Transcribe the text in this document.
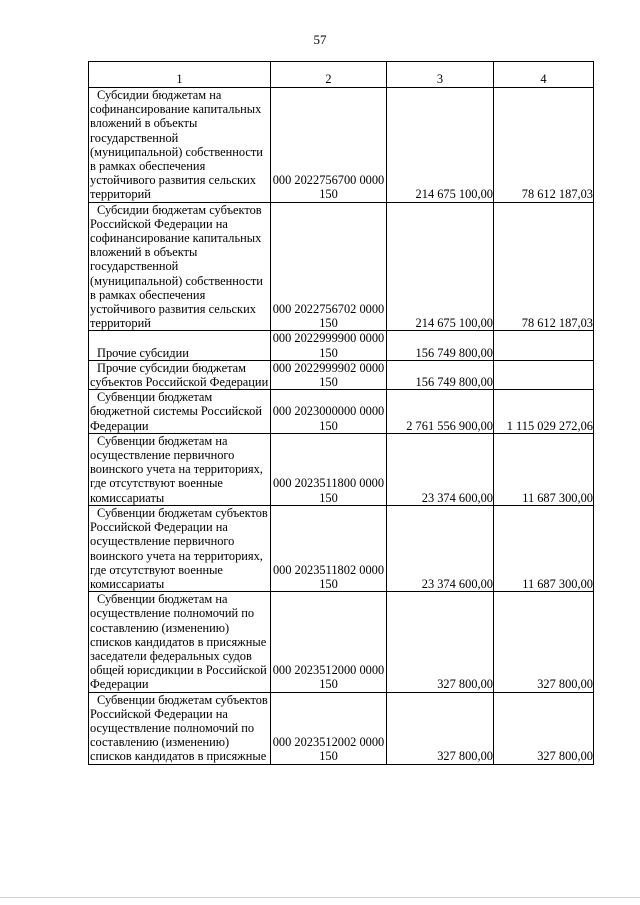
57
1	2	3	4

Субсидии бюджетам на софинансирование капитальных вложений в объекты государственной (муниципальной) собственности в рамках обеспечения устойчивого развития сельских территорий	000 2022756700 0000 150	214 675 100,00	78 612 187,03

Субсидии бюджетам субъектов Российской Федерации на софинансирование капитальных вложений в объекты государственной (муниципальной) собственности в рамках обеспечения устойчивого развития сельских территорий	000 2022756702 0000 150	214 675 100,00	78 612 187,03

Прочие субсидии	000 2022999900 0000 150	156 749 800,00	

Прочие субсидии бюджетам субъектов Российской Федерации	000 2022999902 0000 150	156 749 800,00	

Субвенции бюджетам бюджетной системы Российской Федерации	000 2023000000 0000 150	2 761 556 900,00	1 115 029 272,06

Субвенции бюджетам на осуществление первичного воинского учета на территориях, где отсутствуют военные комиссариаты	000 2023511800 0000 150	23 374 600,00	11 687 300,00

Субвенции бюджетам субъектов Российской Федерации на осуществление первичного воинского учета на территориях, где отсутствуют военные комиссариаты	000 2023511802 0000 150	23 374 600,00	11 687 300,00

Субвенции бюджетам на осуществление полномочий по составлению (изменению) списков кандидатов в присяжные заседатели федеральных судов общей юрисдикции в Российской Федерации	000 2023512000 0000 150	327 800,00	327 800,00

Субвенции бюджетам субъектов Российской Федерации на осуществление полномочий по составлению (изменению) списков кандидатов в присяжные	000 2023512002 0000 150	327 800,00	327 800,00
